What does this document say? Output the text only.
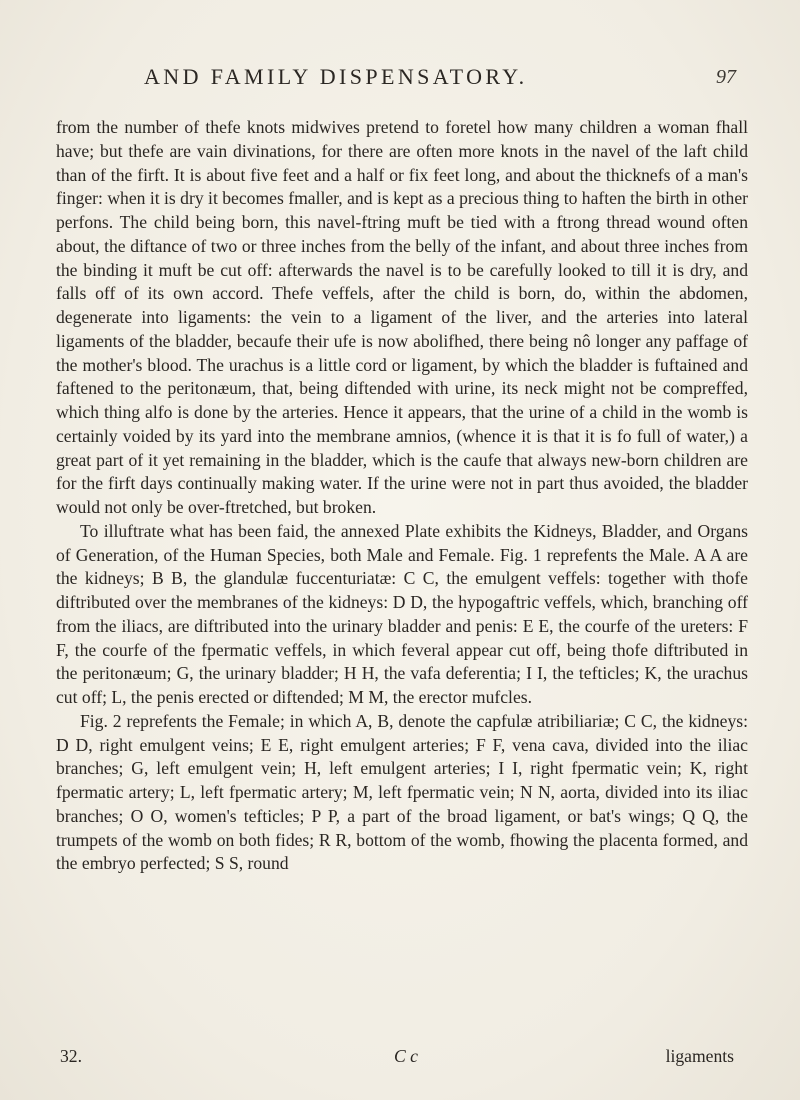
AND FAMILY DISPENSATORY.	97

from the number of thefe knots midwives pretend to foretel how many children a woman fhall have; but thefe are vain divinations, for there are often more knots in the navel of the laft child than of the firft. It is about five feet and a half or fix feet long, and about the thicknefs of a man's finger: when it is dry it becomes fmaller, and is kept as a precious thing to haften the birth in other perfons. The child being born, this navel-ftring muft be tied with a ftrong thread wound often about, the diftance of two or three inches from the belly of the infant, and about three inches from the binding it muft be cut off: afterwards the navel is to be carefully looked to till it is dry, and falls off of its own accord. Thefe veffels, after the child is born, do, within the abdomen, degenerate into ligaments: the vein to a ligament of the liver, and the arteries into lateral ligaments of the bladder, becaufe their ufe is now abolifhed, there being nô longer any paffage of the mother's blood. The urachus is a little cord or ligament, by which the bladder is fuftained and faftened to the peritonæum, that, being diftended with urine, its neck might not be compreffed, which thing alfo is done by the arteries. Hence it appears, that the urine of a child in the womb is certainly voided by its yard into the membrane amnios, (whence it is that it is fo full of water,) a great part of it yet remaining in the bladder, which is the caufe that always new-born children are for the firft days continually making water. If the urine were not in part thus avoided, the bladder would not only be over-ftretched, but broken.

To illuftrate what has been faid, the annexed Plate exhibits the Kidneys, Bladder, and Organs of Generation, of the Human Species, both Male and Female. Fig. 1 reprefents the Male. A A are the kidneys; B B, the glandulæ fuccenturiatæ: C C, the emulgent veffels: together with thofe diftributed over the membranes of the kidneys: D D, the hypogaftric veffels, which, branching off from the iliacs, are diftributed into the urinary bladder and penis: E E, the courfe of the ureters: F F, the courfe of the fpermatic veffels, in which feveral appear cut off, being thofe diftributed in the peritonæum; G, the urinary bladder; H H, the vafa deferentia; I I, the tefticles; K, the urachus cut off; L, the penis erected or diftended; M M, the erector mufcles.

Fig. 2 reprefents the Female; in which A, B, denote the capfulæ atribiliariæ; C C, the kidneys: D D, right emulgent veins; E E, right emulgent arteries; F F, vena cava, divided into the iliac branches; G, left emulgent vein; H, left emulgent arteries; I I, right fpermatic vein; K, right fpermatic artery; L, left fpermatic artery; M, left fpermatic vein; N N, aorta, divided into its iliac branches; O O, women's tefticles; P P, a part of the broad ligament, or bat's wings; Q Q, the trumpets of the womb on both fides; R R, bottom of the womb, fhowing the placenta formed, and the embryo perfected; S S, round

32.	C c	ligaments
